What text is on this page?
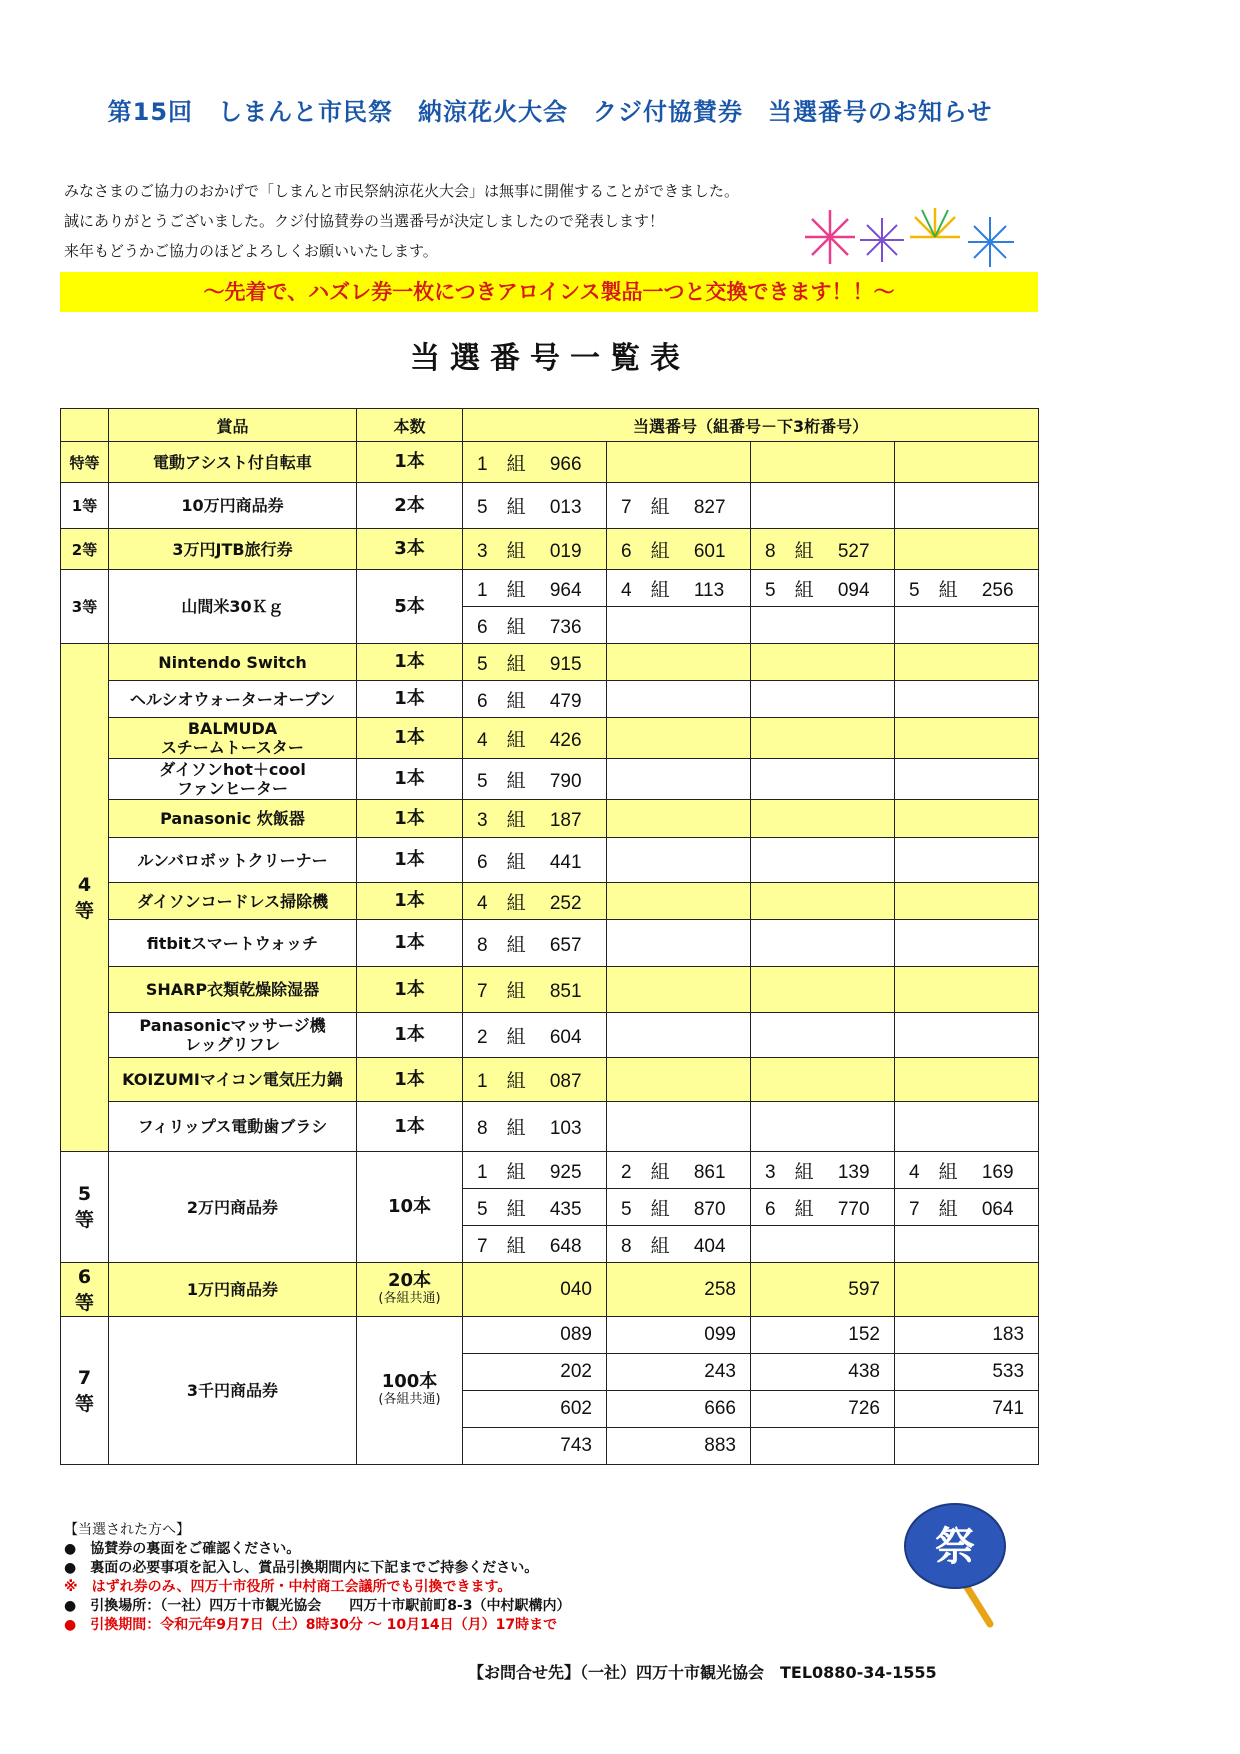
第15回　しまんと市民祭　納涼花火大会　クジ付協賛券　当選番号のお知らせ

みなさまのご協力のおかげで「しまんと市民祭納涼花火大会」は無事に開催することができました。

誠にありがとうございました。クジ付協賛券の当選番号が決定しましたので発表します！

来年もどうかご協力のほどよろしくお願いいたします。

～先着で、ハズレ券一枚につきアロインス製品一つと交換できます！！～
当選番号一覧表
	賞品	本数	当選番号（組番号－下3桁番号）			
特等	電動アシスト付自転車	1本	1　組　 966			
1等	10万円商品券	2本	5　組　 013	7　組　 827		
2等	3万円JTB旅行券	3本	3　組　 019	6　組　 601	8　組　 527	
3等	山間米30Ｋｇ	5本	1　組　 964	4　組　 113	5　組　 094	5　組　 256
			6　組　 736			
4
等	Nintendo Switch	1本	5　組　 915			
	ヘルシオウォーターオーブン	1本	6　組　 479			
	BALMUDA
スチームトースター	1本	4　組　 426			
	ダイソンhot＋cool
ファンヒーター	1本	5　組　 790			
	Panasonic 炊飯器	1本	3　組　 187			
	ルンバロボットクリーナー	1本	6　組　 441			
	ダイソンコードレス掃除機	1本	4　組　 252			
	fitbitスマートウォッチ	1本	8　組　 657			
	SHARP衣類乾燥除湿器	1本	7　組　 851			
	Panasonicマッサージ機
レッグリフレ	1本	2　組　 604			
	KOIZUMIマイコン電気圧力鍋	1本	1　組　 087			
	フィリップス電動歯ブラシ	1本	8　組　 103			
5
等	2万円商品券	10本	1　組　 925	2　組　 861	3　組　 139	4　組　 169
			5　組　 435	5　組　 870	6　組　 770	7　組　 064
			7　組　 648	8　組　 404		
6
等	1万円商品券	20本
(各組共通)	040	258	597	
7
等	3千円商品券	100本
(各組共通)	089	099	152	183
			202	243	438	533
			602	666	726	741
			743	883		

【当選された方へ】

●　協賛券の裏面をご確認ください。

●　裏面の必要事項を記入し、賞品引換期間内に下記までご持参ください。

※　はずれ券のみ、四万十市役所・中村商工会議所でも引換できます。

●　引換場所：（一社）四万十市観光協会　　四万十市駅前町8-3（中村駅構内）

●　引換期間：令和元年9月7日（土）8時30分 ～ 10月14日（月）17時まで

【お問合せ先】（一社）四万十市観光協会　TEL0880-34-1555
祭
